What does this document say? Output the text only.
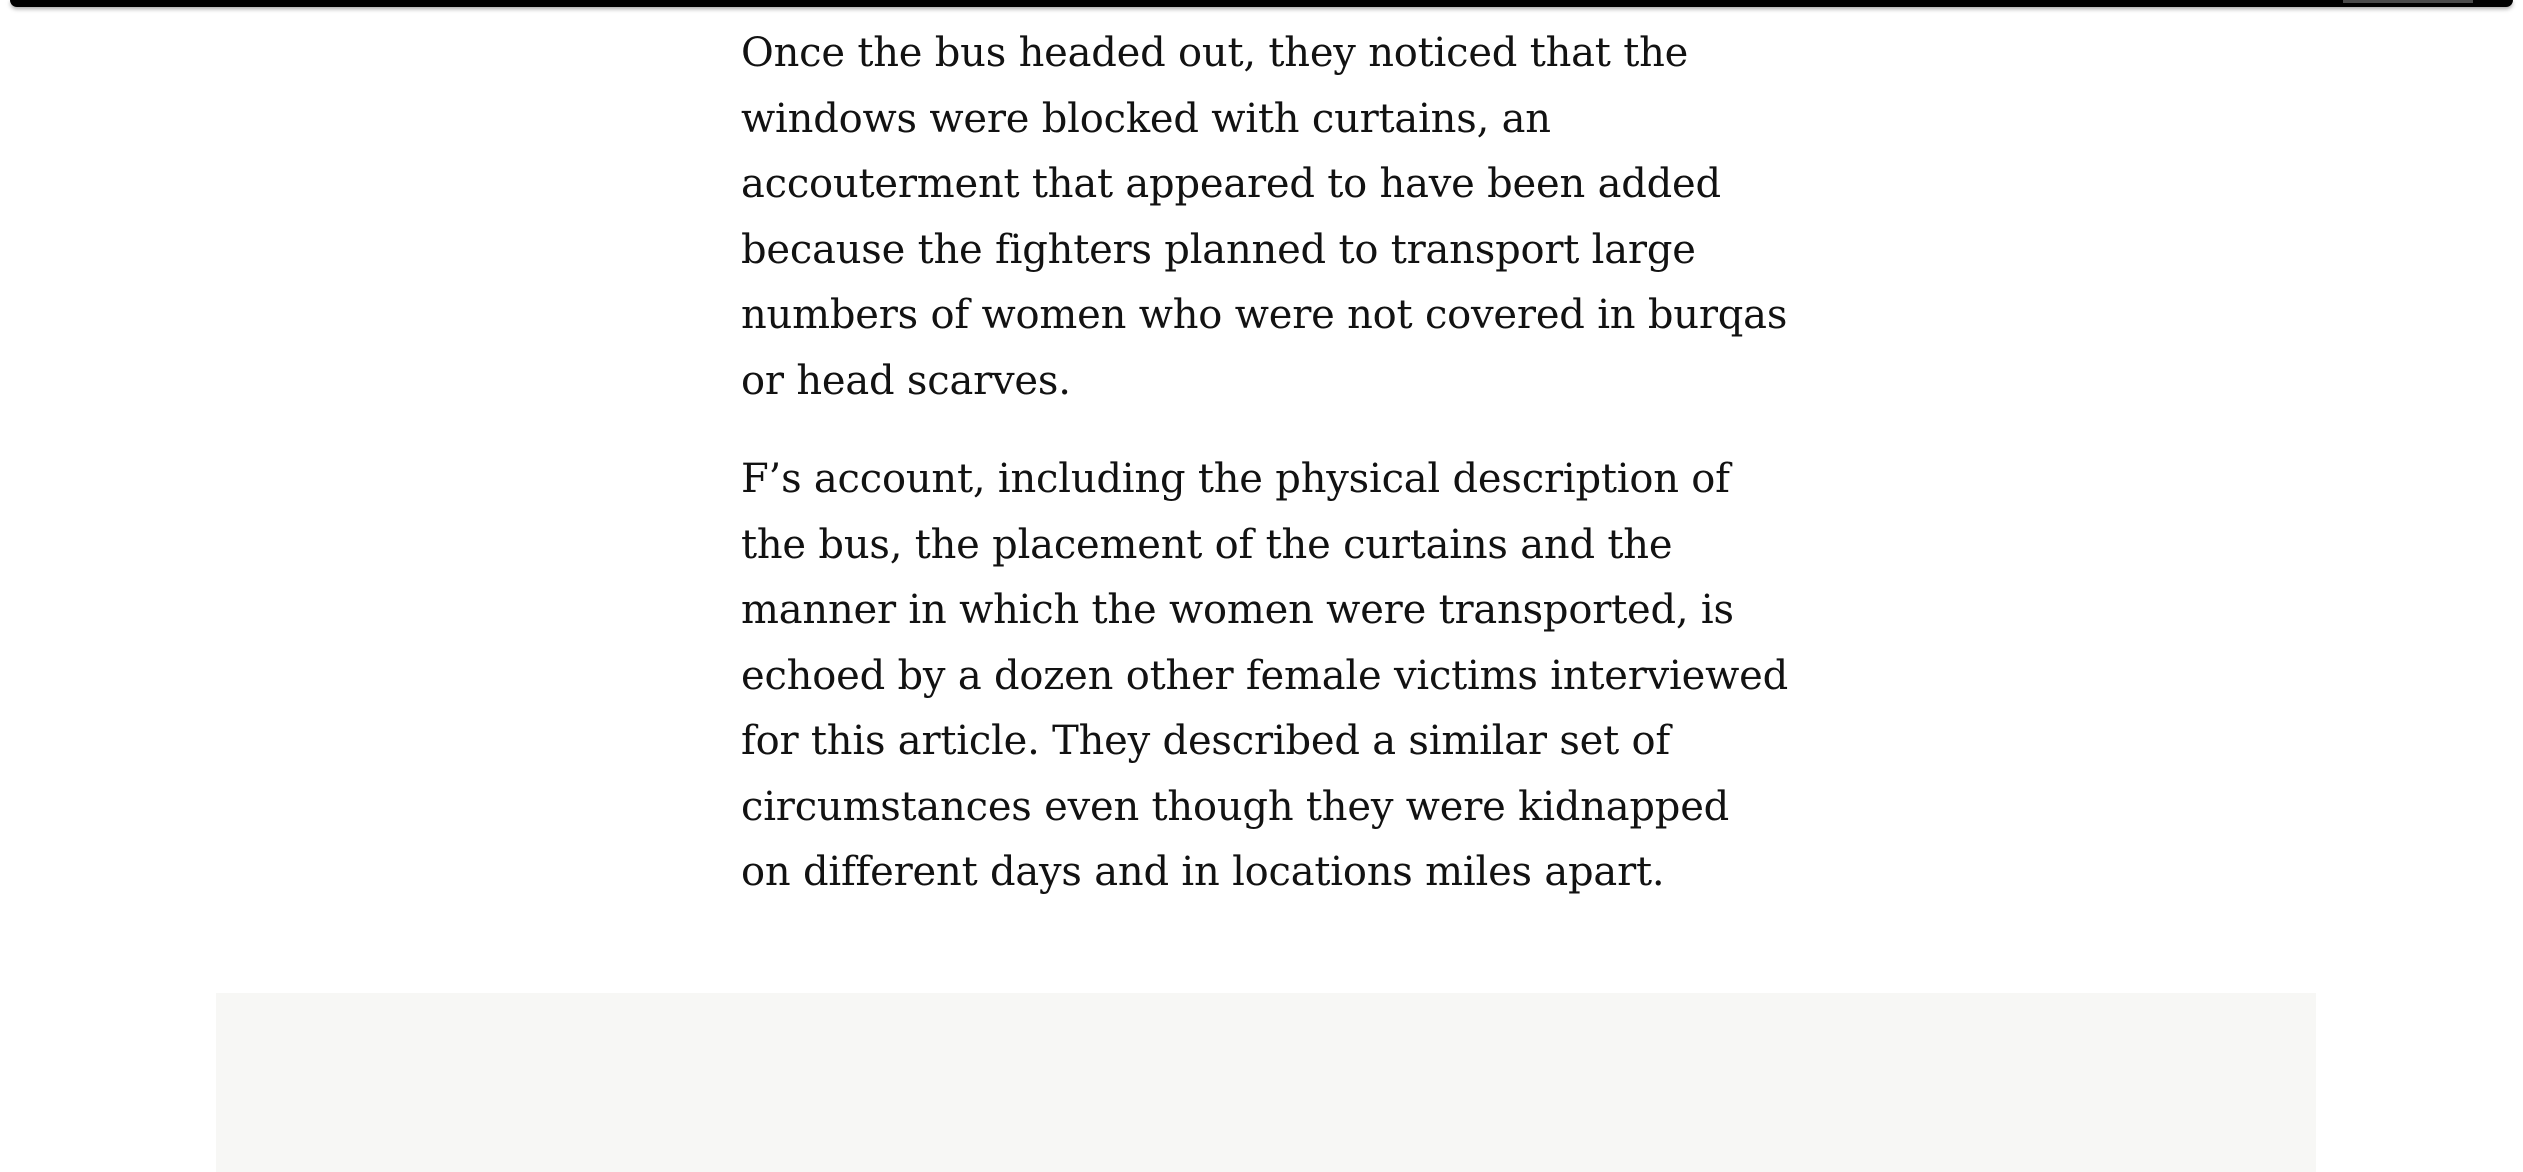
Once the bus headed out, they noticed that the windows were blocked with curtains, an accouterment that appeared to have been added because the fighters planned to transport large numbers of women who were not covered in burqas or head scarves.

F’s account, including the physical description of the bus, the placement of the curtains and the manner in which the women were transported, is echoed by a dozen other female victims interviewed for this article. They described a similar set of circumstances even though they were kidnapped on different days and in locations miles apart.
